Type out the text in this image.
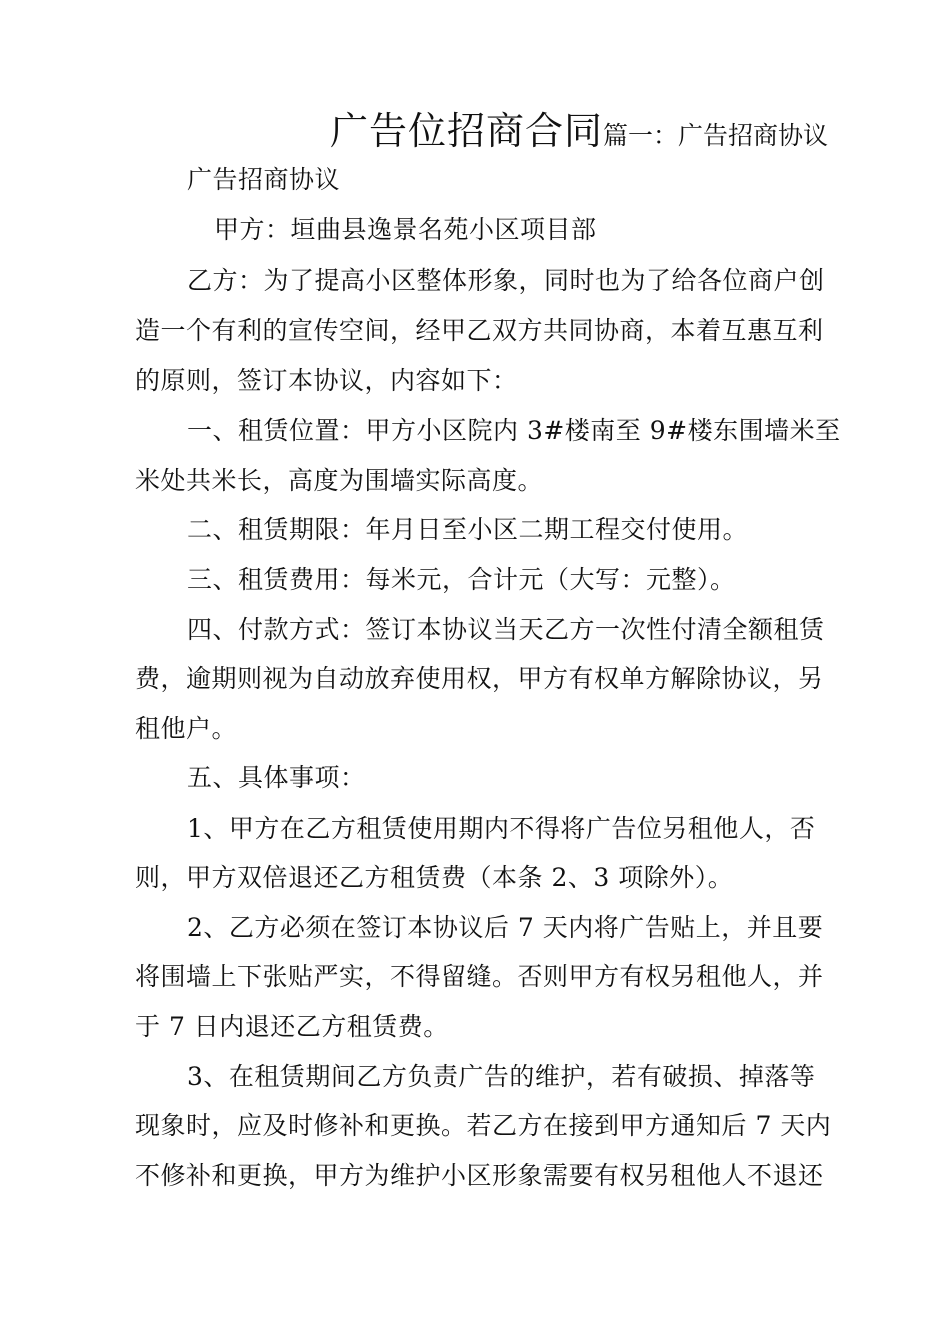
广告位招商合同篇一：广告招商协议
广告招商协议
甲方：垣曲县逸景名苑小区项目部
乙方：为了提高小区整体形象，同时也为了给各位商户创
造一个有利的宣传空间，经甲乙双方共同协商，本着互惠互利
的原则，签订本协议，内容如下：
一、租赁位置：甲方小区院内 3#楼南至 9#楼东围墙米至
米处共米长，高度为围墙实际高度。
二、租赁期限：年月日至小区二期工程交付使用。
三、租赁费用：每米元，合计元（大写：元整）。
四、付款方式：签订本协议当天乙方一次性付清全额租赁
费，逾期则视为自动放弃使用权，甲方有权单方解除协议，另
租他户。
五、具体事项：
1、甲方在乙方租赁使用期内不得将广告位另租他人，否
则，甲方双倍退还乙方租赁费（本条 2、3 项除外）。
2、乙方必须在签订本协议后 7 天内将广告贴上，并且要
将围墙上下张贴严实，不得留缝。否则甲方有权另租他人，并
于 7 日内退还乙方租赁费。
3、在租赁期间乙方负责广告的维护，若有破损、掉落等
现象时，应及时修补和更换。若乙方在接到甲方通知后 7 天内
不修补和更换，甲方为维护小区形象需要有权另租他人不退还
